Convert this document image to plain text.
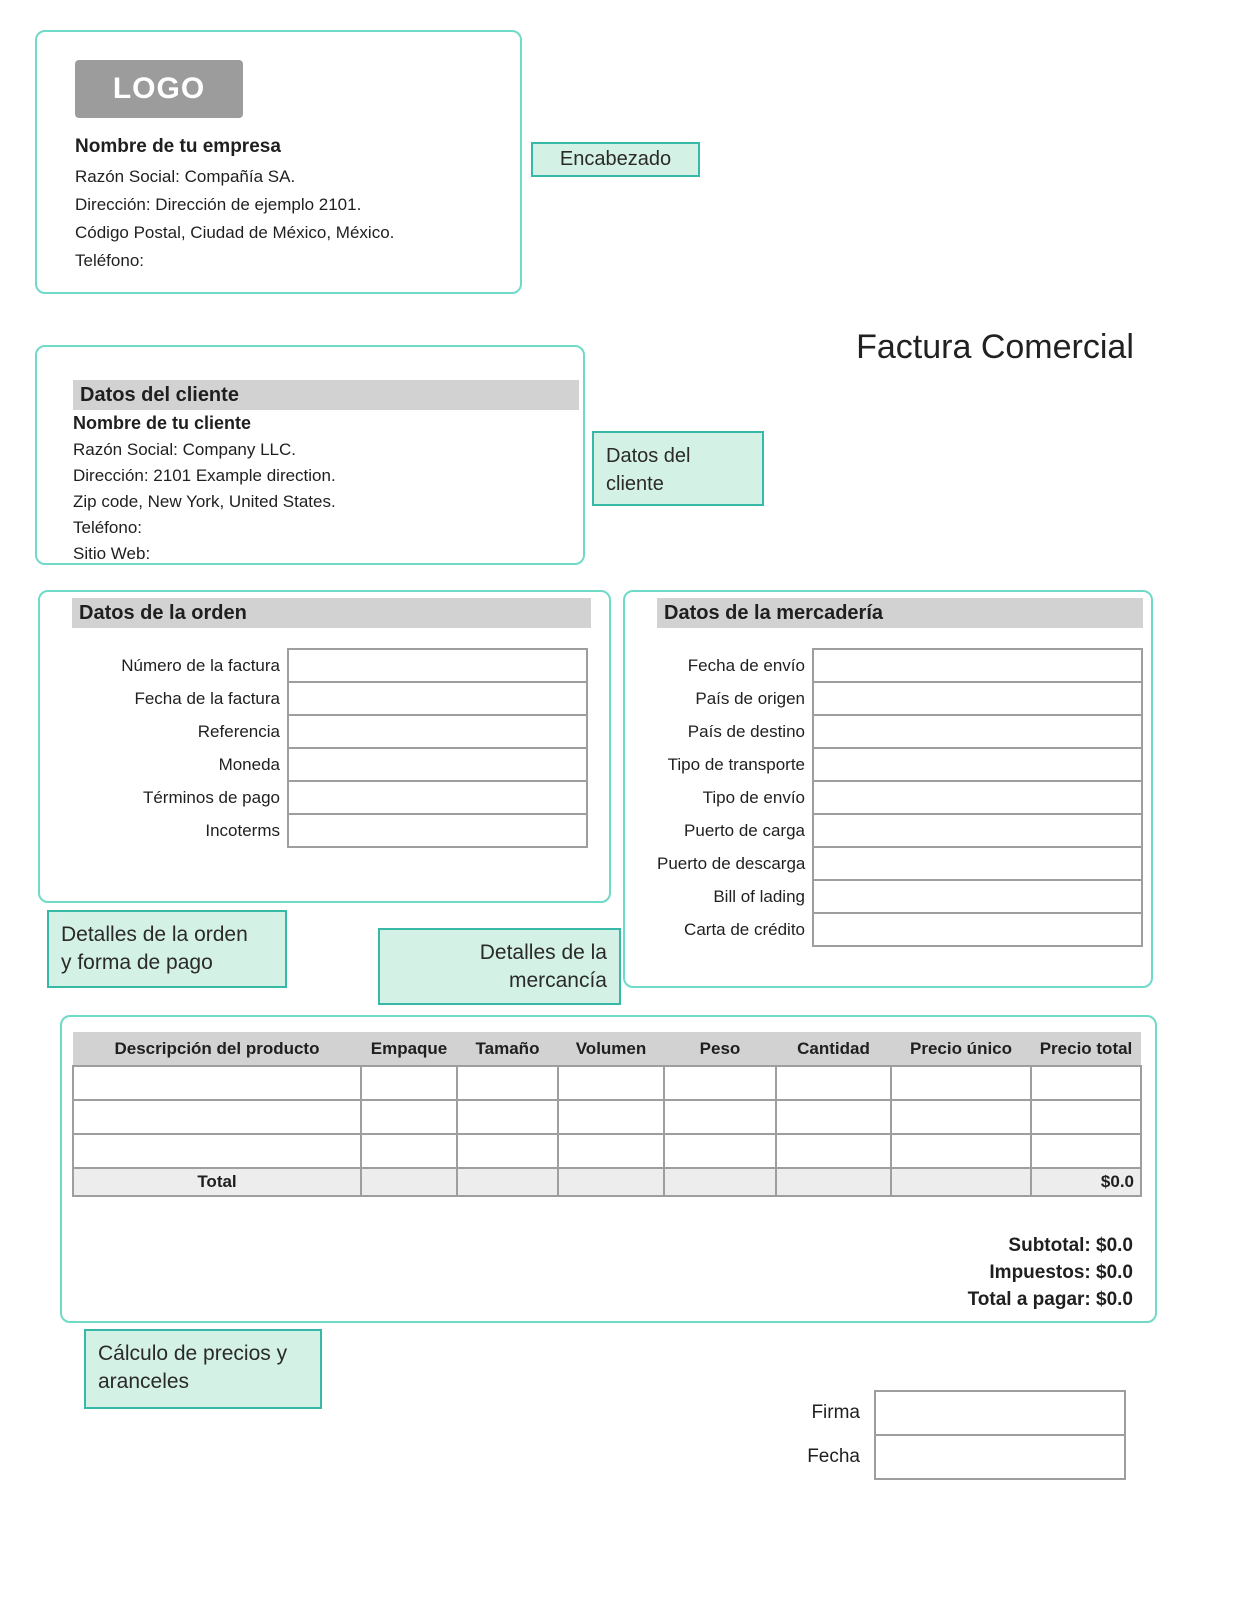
LOGO
Nombre de tu empresa
Razón Social: Compañía SA.
Dirección: Dirección de ejemplo 2101.
Código Postal, Ciudad de México, México.
Teléfono:
Encabezado
Factura Comercial
Datos del cliente
Nombre de tu cliente
Razón Social: Company LLC.
Dirección: 2101 Example direction.
Zip code, New York, United States.
Teléfono:
Sitio Web:
Datos del
cliente
Datos de la orden
Número de la factura
Fecha de la factura
Referencia
Moneda
Términos de pago
Incoterms
Datos de la mercadería
Fecha de envío
País de origen
País de destino
Tipo de transporte
Tipo de envío
Puerto de carga
Puerto de descarga
Bill of lading
Carta de crédito
Detalles de la orden
y forma de pago	Detalles de la
mercancía
Descripción del producto	Empaque	Tamaño	Volumen	Peso	Cantidad	Precio único	Precio total

Total							$0.0
Subtotal: $0.0
Impuestos: $0.0
Total a pagar: $0.0
Cálculo de precios y
aranceles
Firma
Fecha
